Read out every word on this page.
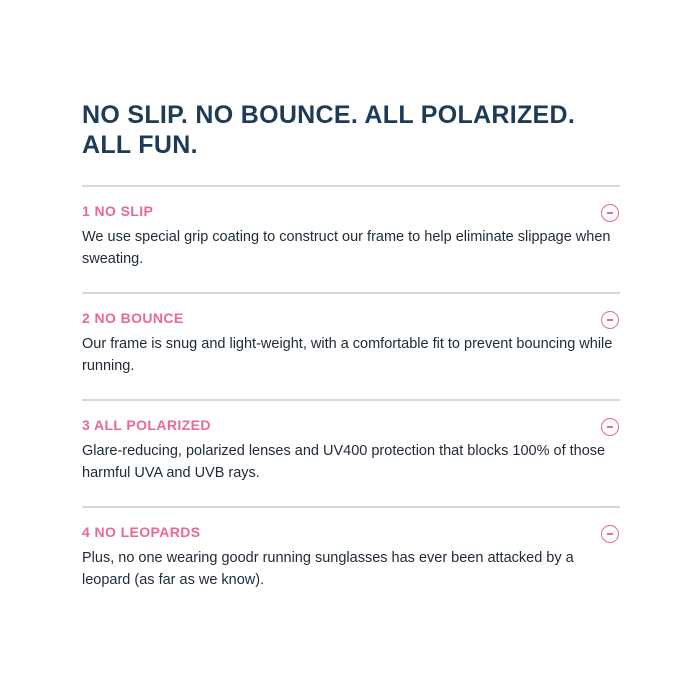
NO SLIP. NO BOUNCE. ALL POLARIZED.
ALL FUN.
1 NO SLIP

We use special grip coating to construct our frame to help eliminate slippage when sweating.

2 NO BOUNCE

Our frame is snug and light-weight, with a comfortable fit to prevent bouncing while running.

3 ALL POLARIZED

Glare-reducing, polarized lenses and UV400 protection that blocks 100% of those harmful UVA and UVB rays.

4 NO LEOPARDS

Plus, no one wearing goodr running sunglasses has ever been attacked by a leopard (as far as we know).
